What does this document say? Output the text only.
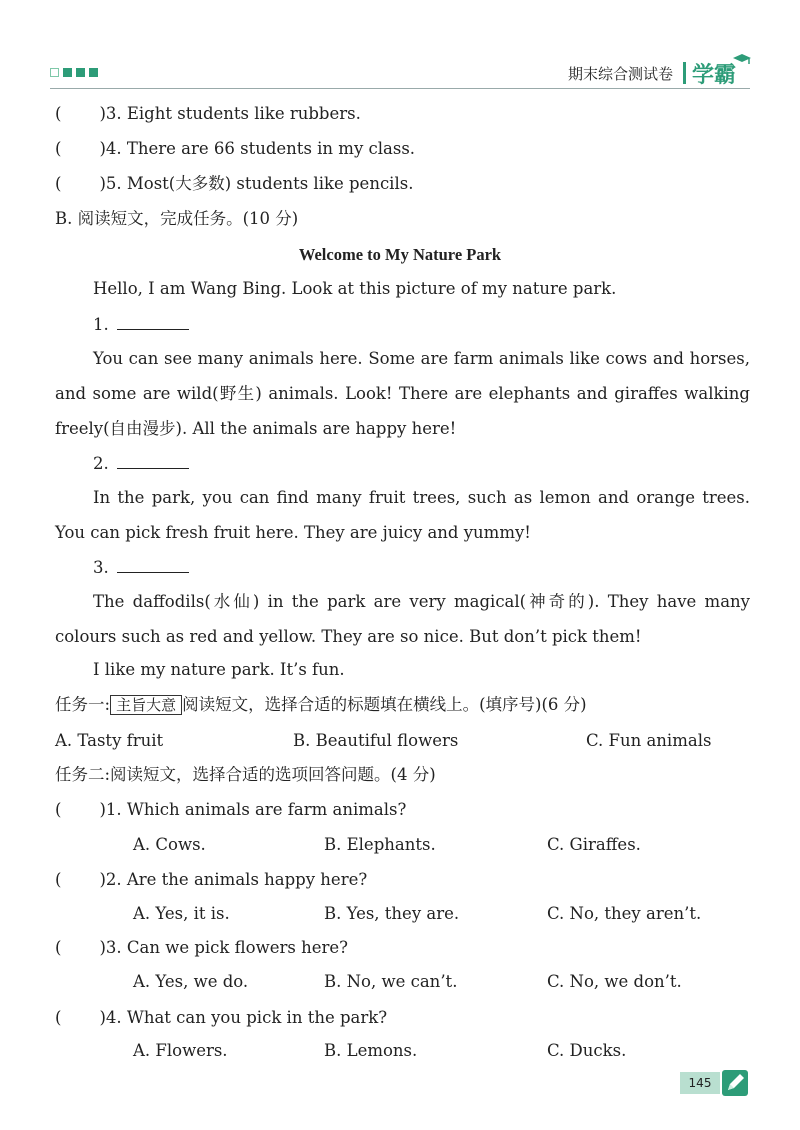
期末综合测试卷 学霸
( )3. Eight students like rubbers.
( )4. There are 66 students in my class.
( )5. Most(大多数) students like pencils.
B. 阅读短文，完成任务。(10 分)
Welcome to My Nature Park
Hello, I am Wang Bing. Look at this picture of my nature park.
1.
You can see many animals here. Some are farm animals like cows and horses, and some are wild(野生) animals. Look! There are elephants and giraffes walking freely(自由漫步). All the animals are happy here!
2.
In the park, you can find many fruit trees, such as lemon and orange trees. You can pick fresh fruit here. They are juicy and yummy!
3.
The daffodils(水仙) in the park are very magical(神奇的). They have many colours such as red and yellow. They are so nice. But don’t pick them!
I like my nature park. It’s fun.
任务一: 主旨大意 阅读短文，选择合适的标题填在横线上。(填序号)(6 分)
A. Tasty fruit	B. Beautiful flowers	C. Fun animals
任务二:阅读短文，选择合适的选项回答问题。(4 分)
( )1. Which animals are farm animals?
A. Cows.	B. Elephants.	C. Giraffes.
( )2. Are the animals happy here?
A. Yes, it is.	B. Yes, they are.	C. No, they aren’t.
( )3. Can we pick flowers here?
A. Yes, we do.	B. No, we can’t.	C. No, we don’t.
( )4. What can you pick in the park?
A. Flowers.	B. Lemons.	C. Ducks.
145
